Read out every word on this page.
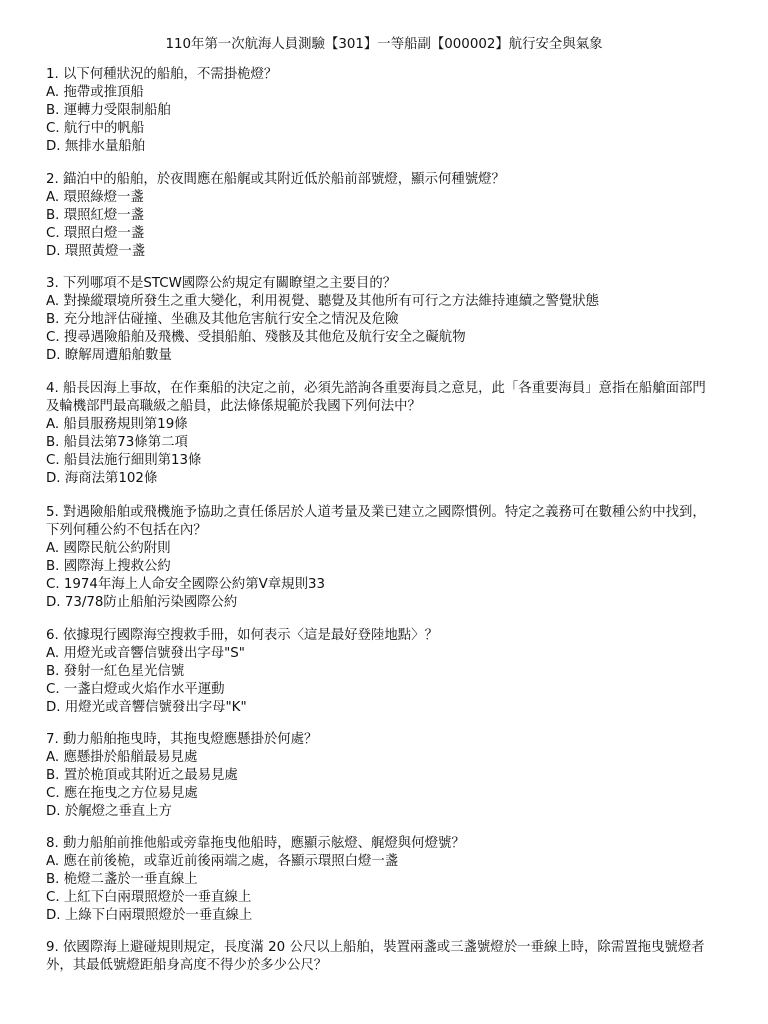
110年第一次航海人員測驗【301】一等船副【000002】航行安全與氣象

1. 以下何種狀況的船舶，不需掛桅燈？

A. 拖帶或推頂船

B. 運轉力受限制船舶

C. 航行中的帆船

D. 無排水量船舶

2. 錨泊中的船舶，於夜間應在船艉或其附近低於船前部號燈，顯示何種號燈？

A. 環照綠燈一盞

B. 環照紅燈一盞

C. 環照白燈一盞

D. 環照黃燈一盞

3. 下列哪項不是STCW國際公約規定有關瞭望之主要目的？

A. 對操縱環境所發生之重大變化，利用視覺、聽覺及其他所有可行之方法維持連續之警覺狀態

B. 充分地評估碰撞、坐礁及其他危害航行安全之情況及危險

C. 搜尋遇險船舶及飛機、受損船舶、殘骸及其他危及航行安全之礙航物

D. 瞭解周遭船舶數量

4. 船長因海上事故，在作棄船的決定之前，必須先諮詢各重要海員之意見，此「各重要海員」意指在船艙面部門及輪機部門最高職級之船員，此法條係規範於我國下列何法中？

A. 船員服務規則第19條

B. 船員法第73條第二項

C. 船員法施行細則第13條

D. 海商法第102條

5. 對遇險船舶或飛機施予協助之責任係居於人道考量及業已建立之國際慣例。特定之義務可在數種公約中找到，下列何種公約不包括在內？

A. 國際民航公約附則

B. 國際海上搜救公約

C. 1974年海上人命安全國際公約第V章規則33

D. 73/78防止船舶污染國際公約

6. 依據現行國際海空搜救手冊，如何表示〈這是最好登陸地點〉？

A. 用燈光或音響信號發出字母"S"

B. 發射一紅色星光信號

C. 一盞白燈或火焰作水平運動

D. 用燈光或音響信號發出字母"K"

7. 動力船舶拖曳時，其拖曳燈應懸掛於何處？

A. 應懸掛於船艏最易見處

B. 置於桅頂或其附近之最易見處

C. 應在拖曳之方位易見處

D. 於艉燈之垂直上方

8. 動力船舶前推他船或旁靠拖曳他船時，應顯示舷燈、艉燈與何燈號？

A. 應在前後桅，或靠近前後兩端之處，各顯示環照白燈一盞

B. 桅燈二盞於一垂直線上

C. 上紅下白兩環照燈於一垂直線上

D. 上綠下白兩環照燈於一垂直線上

9. 依國際海上避碰規則規定，長度滿 20 公尺以上船舶，裝置兩盞或三盞號燈於一垂線上時，除需置拖曳號燈者外，其最低號燈距船身高度不得少於多少公尺？
